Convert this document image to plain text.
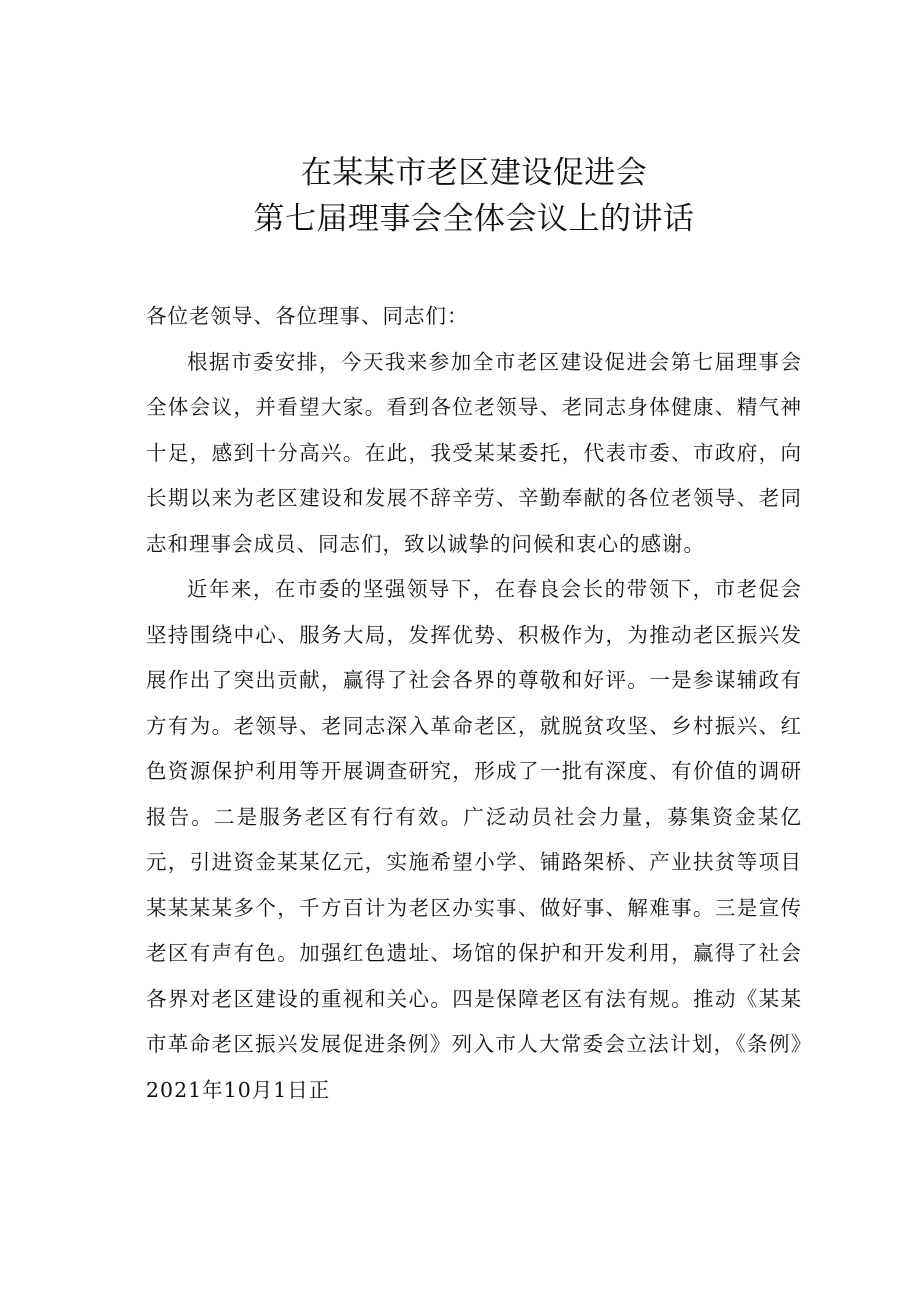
在某某市老区建设促进会
第七届理事会全体会议上的讲话

各位老领导、各位理事、同志们：

根据市委安排，今天我来参加全市老区建设促进会第七届理事会全体会议，并看望大家。看到各位老领导、老同志身体健康、精气神十足，感到十分高兴。在此，我受某某委托，代表市委、市政府，向长期以来为老区建设和发展不辞辛劳、辛勤奉献的各位老领导、老同志和理事会成员、同志们，致以诚挚的问候和衷心的感谢。

近年来，在市委的坚强领导下，在春良会长的带领下，市老促会坚持围绕中心、服务大局，发挥优势、积极作为，为推动老区振兴发展作出了突出贡献，赢得了社会各界的尊敬和好评。一是参谋辅政有方有为。老领导、老同志深入革命老区，就脱贫攻坚、乡村振兴、红色资源保护利用等开展调查研究，形成了一批有深度、有价值的调研报告。二是服务老区有行有效。广泛动员社会力量，募集资金某亿元，引进资金某某亿元，实施希望小学、铺路架桥、产业扶贫等项目某某某某多个，千方百计为老区办实事、做好事、解难事。三是宣传老区有声有色。加强红色遗址、场馆的保护和开发利用，赢得了社会各界对老区建设的重视和关心。四是保障老区有法有规。推动《某某市革命老区振兴发展促进条例》列入市人大常委会立法计划，《条例》2021年10月1日正
